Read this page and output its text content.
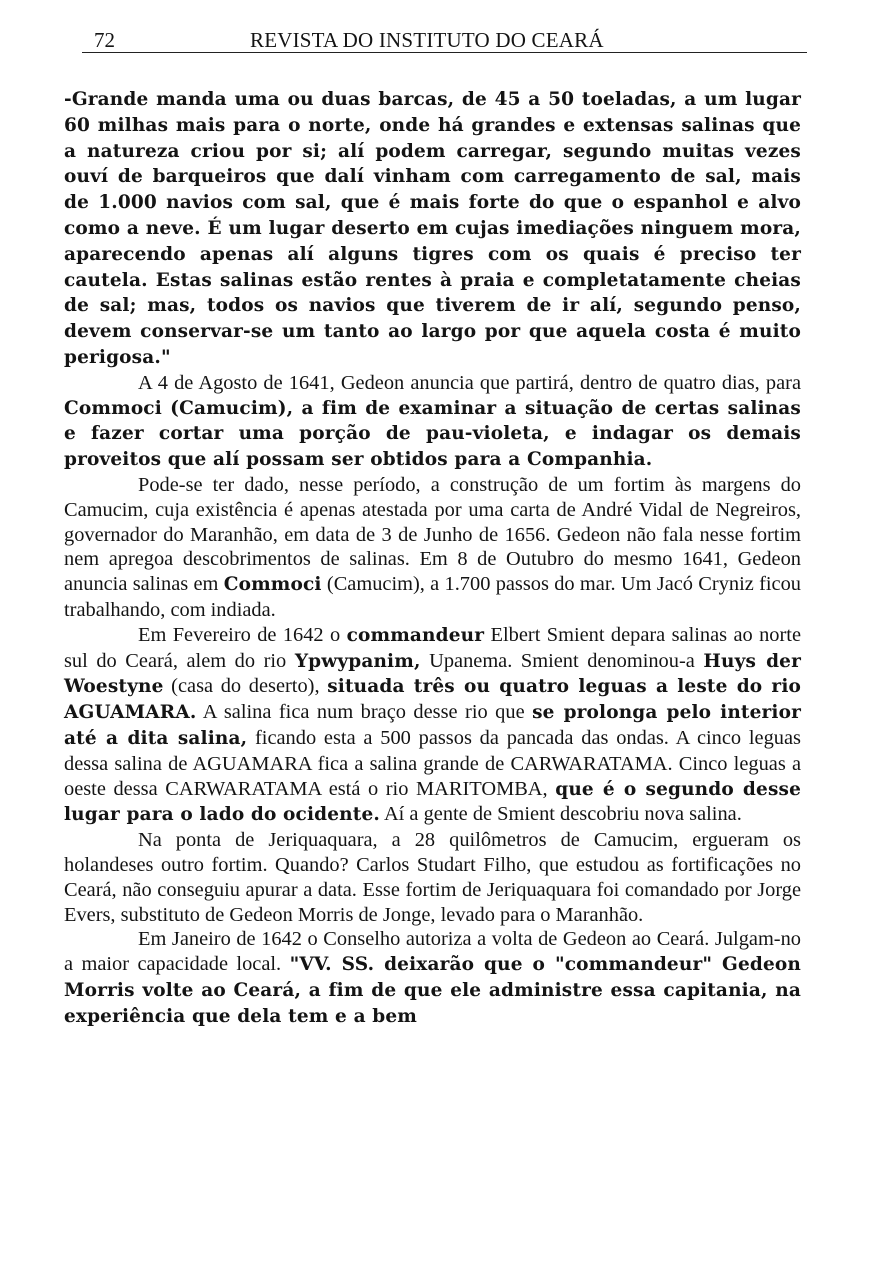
72	REVISTA DO INSTITUTO DO CEARÁ

-Grande manda uma ou duas barcas, de 45 a 50 toeladas, a um lugar 60 milhas mais para o norte, onde há grandes e extensas salinas que a natureza criou por si; alí podem carregar, segundo muitas vezes ouví de barqueiros que dalí vinham com carregamento de sal, mais de 1.000 navios com sal, que é mais forte do que o espanhol e alvo como a neve. É um lugar deserto em cujas imediações ninguem mora, aparecendo apenas alí alguns tigres com os quais é preciso ter cautela. Estas salinas estão rentes à praia e completatamente cheias de sal; mas, todos os navios que tiverem de ir alí, segundo penso, devem conservar-se um tanto ao largo por que aquela costa é muito perigosa."

A 4 de Agosto de 1641, Gedeon anuncia que partirá, dentro de quatro dias, para Commoci (Camucim), a fim de examinar a situação de certas salinas e fazer cortar uma porção de pau-violeta, e indagar os demais proveitos que alí possam ser obtidos para a Companhia.

Pode-se ter dado, nesse período, a construção de um fortim às margens do Camucim, cuja existência é apenas atestada por uma carta de André Vidal de Negreiros, governador do Maranhão, em data de 3 de Junho de 1656. Gedeon não fala nesse fortim nem apregoa descobrimentos de salinas. Em 8 de Outubro do mesmo 1641, Gedeon anuncia salinas em Commoci (Camucim), a 1.700 passos do mar. Um Jacó Cryniz ficou trabalhando, com indiada.

Em Fevereiro de 1642 o commandeur Elbert Smient depara salinas ao norte sul do Ceará, alem do rio Ypwypanim, Upanema. Smient denominou-a Huys der Woestyne (casa do deserto), situada três ou quatro leguas a leste do rio AGUAMARA. A salina fica num braço desse rio que se prolonga pelo interior até a dita salina, ficando esta a 500 passos da pancada das ondas. A cinco leguas dessa salina de AGUAMARA fica a salina grande de CARWARATAMA. Cinco leguas a oeste dessa CARWARATAMA está o rio MARITOMBA, que é o segundo desse lugar para o lado do ocidente. Aí a gente de Smient descobriu nova salina.

Na ponta de Jeriquaquara, a 28 quilômetros de Camucim, ergueram os holandeses outro fortim. Quando? Carlos Studart Filho, que estudou as fortificações no Ceará, não conseguiu apurar a data. Esse fortim de Jeriquaquara foi comandado por Jorge Evers, substituto de Gedeon Morris de Jonge, levado para o Maranhão.

Em Janeiro de 1642 o Conselho autoriza a volta de Gedeon ao Ceará. Julgam-no a maior capacidade local. "VV. SS. deixarão que o "commandeur" Gedeon Morris volte ao Ceará, a fim de que ele administre essa capitania, na experiência que dela tem e a bem
